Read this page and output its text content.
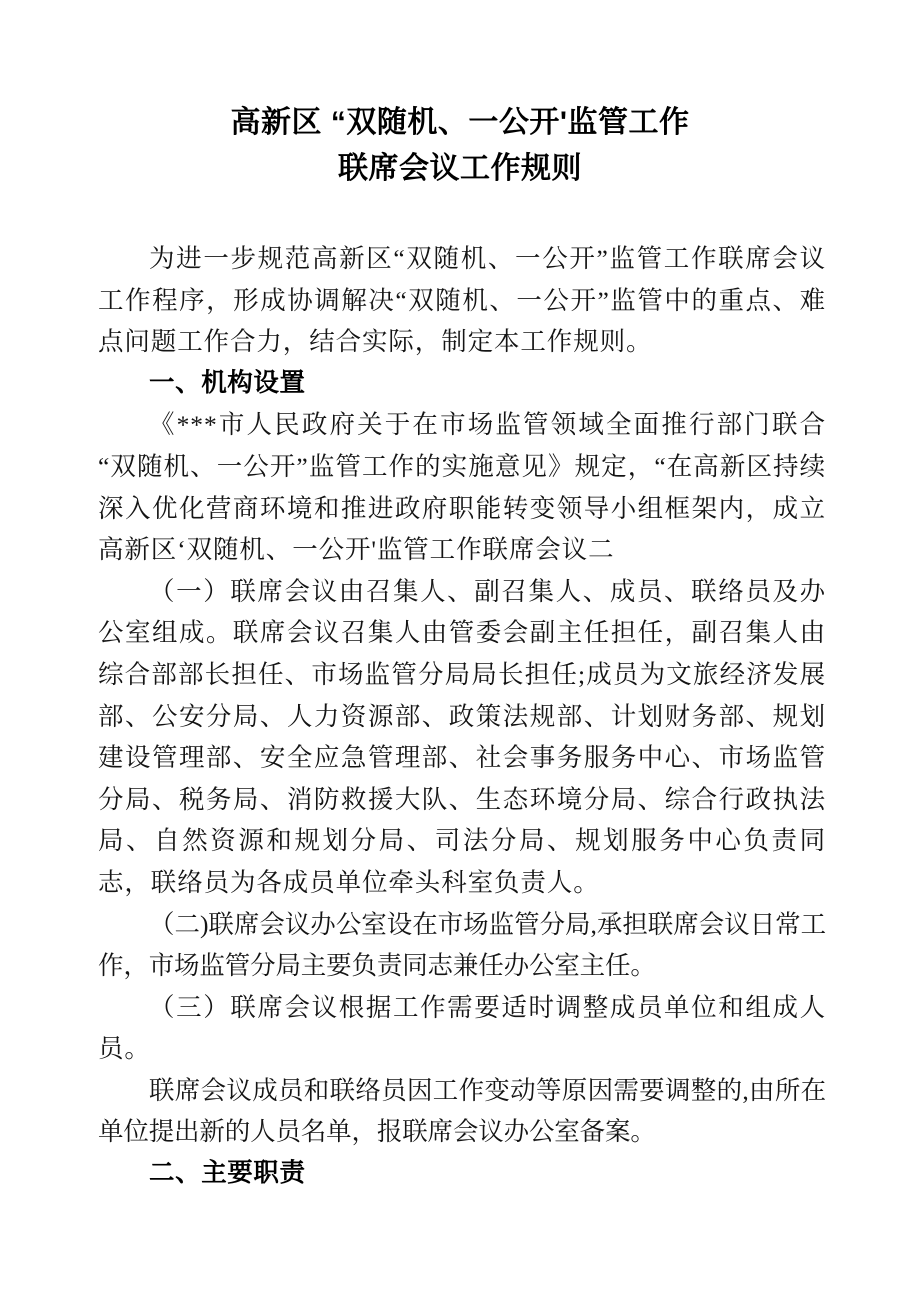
高新区 “双随机、一公开'监管工作
联席会议工作规则

为进一步规范高新区“双随机、一公开”监管工作联席会议工作程序，形成协调解决“双随机、一公开”监管中的重点、难点问题工作合力，结合实际，制定本工作规则。

一、机构设置

《***市人民政府关于在市场监管领域全面推行部门联合“双随机、一公开”监管工作的实施意见》规定，“在高新区持续深入优化营商环境和推进政府职能转变领导小组框架内，成立高新区‘双随机、一公开'监管工作联席会议二

（一）联席会议由召集人、副召集人、成员、联络员及办公室组成。联席会议召集人由管委会副主任担任，副召集人由综合部部长担任、市场监管分局局长担任;成员为文旅经济发展部、公安分局、人力资源部、政策法规部、计划财务部、规划建设管理部、安全应急管理部、社会事务服务中心、市场监管分局、税务局、消防救援大队、生态环境分局、综合行政执法局、自然资源和规划分局、司法分局、规划服务中心负责同志，联络员为各成员单位牵头科室负责人。

（二)联席会议办公室设在市场监管分局,承担联席会议日常工作，市场监管分局主要负责同志兼任办公室主任。

（三）联席会议根据工作需要适时调整成员单位和组成人员。

联席会议成员和联络员因工作变动等原因需要调整的,由所在单位提出新的人员名单，报联席会议办公室备案。

二、主要职责
